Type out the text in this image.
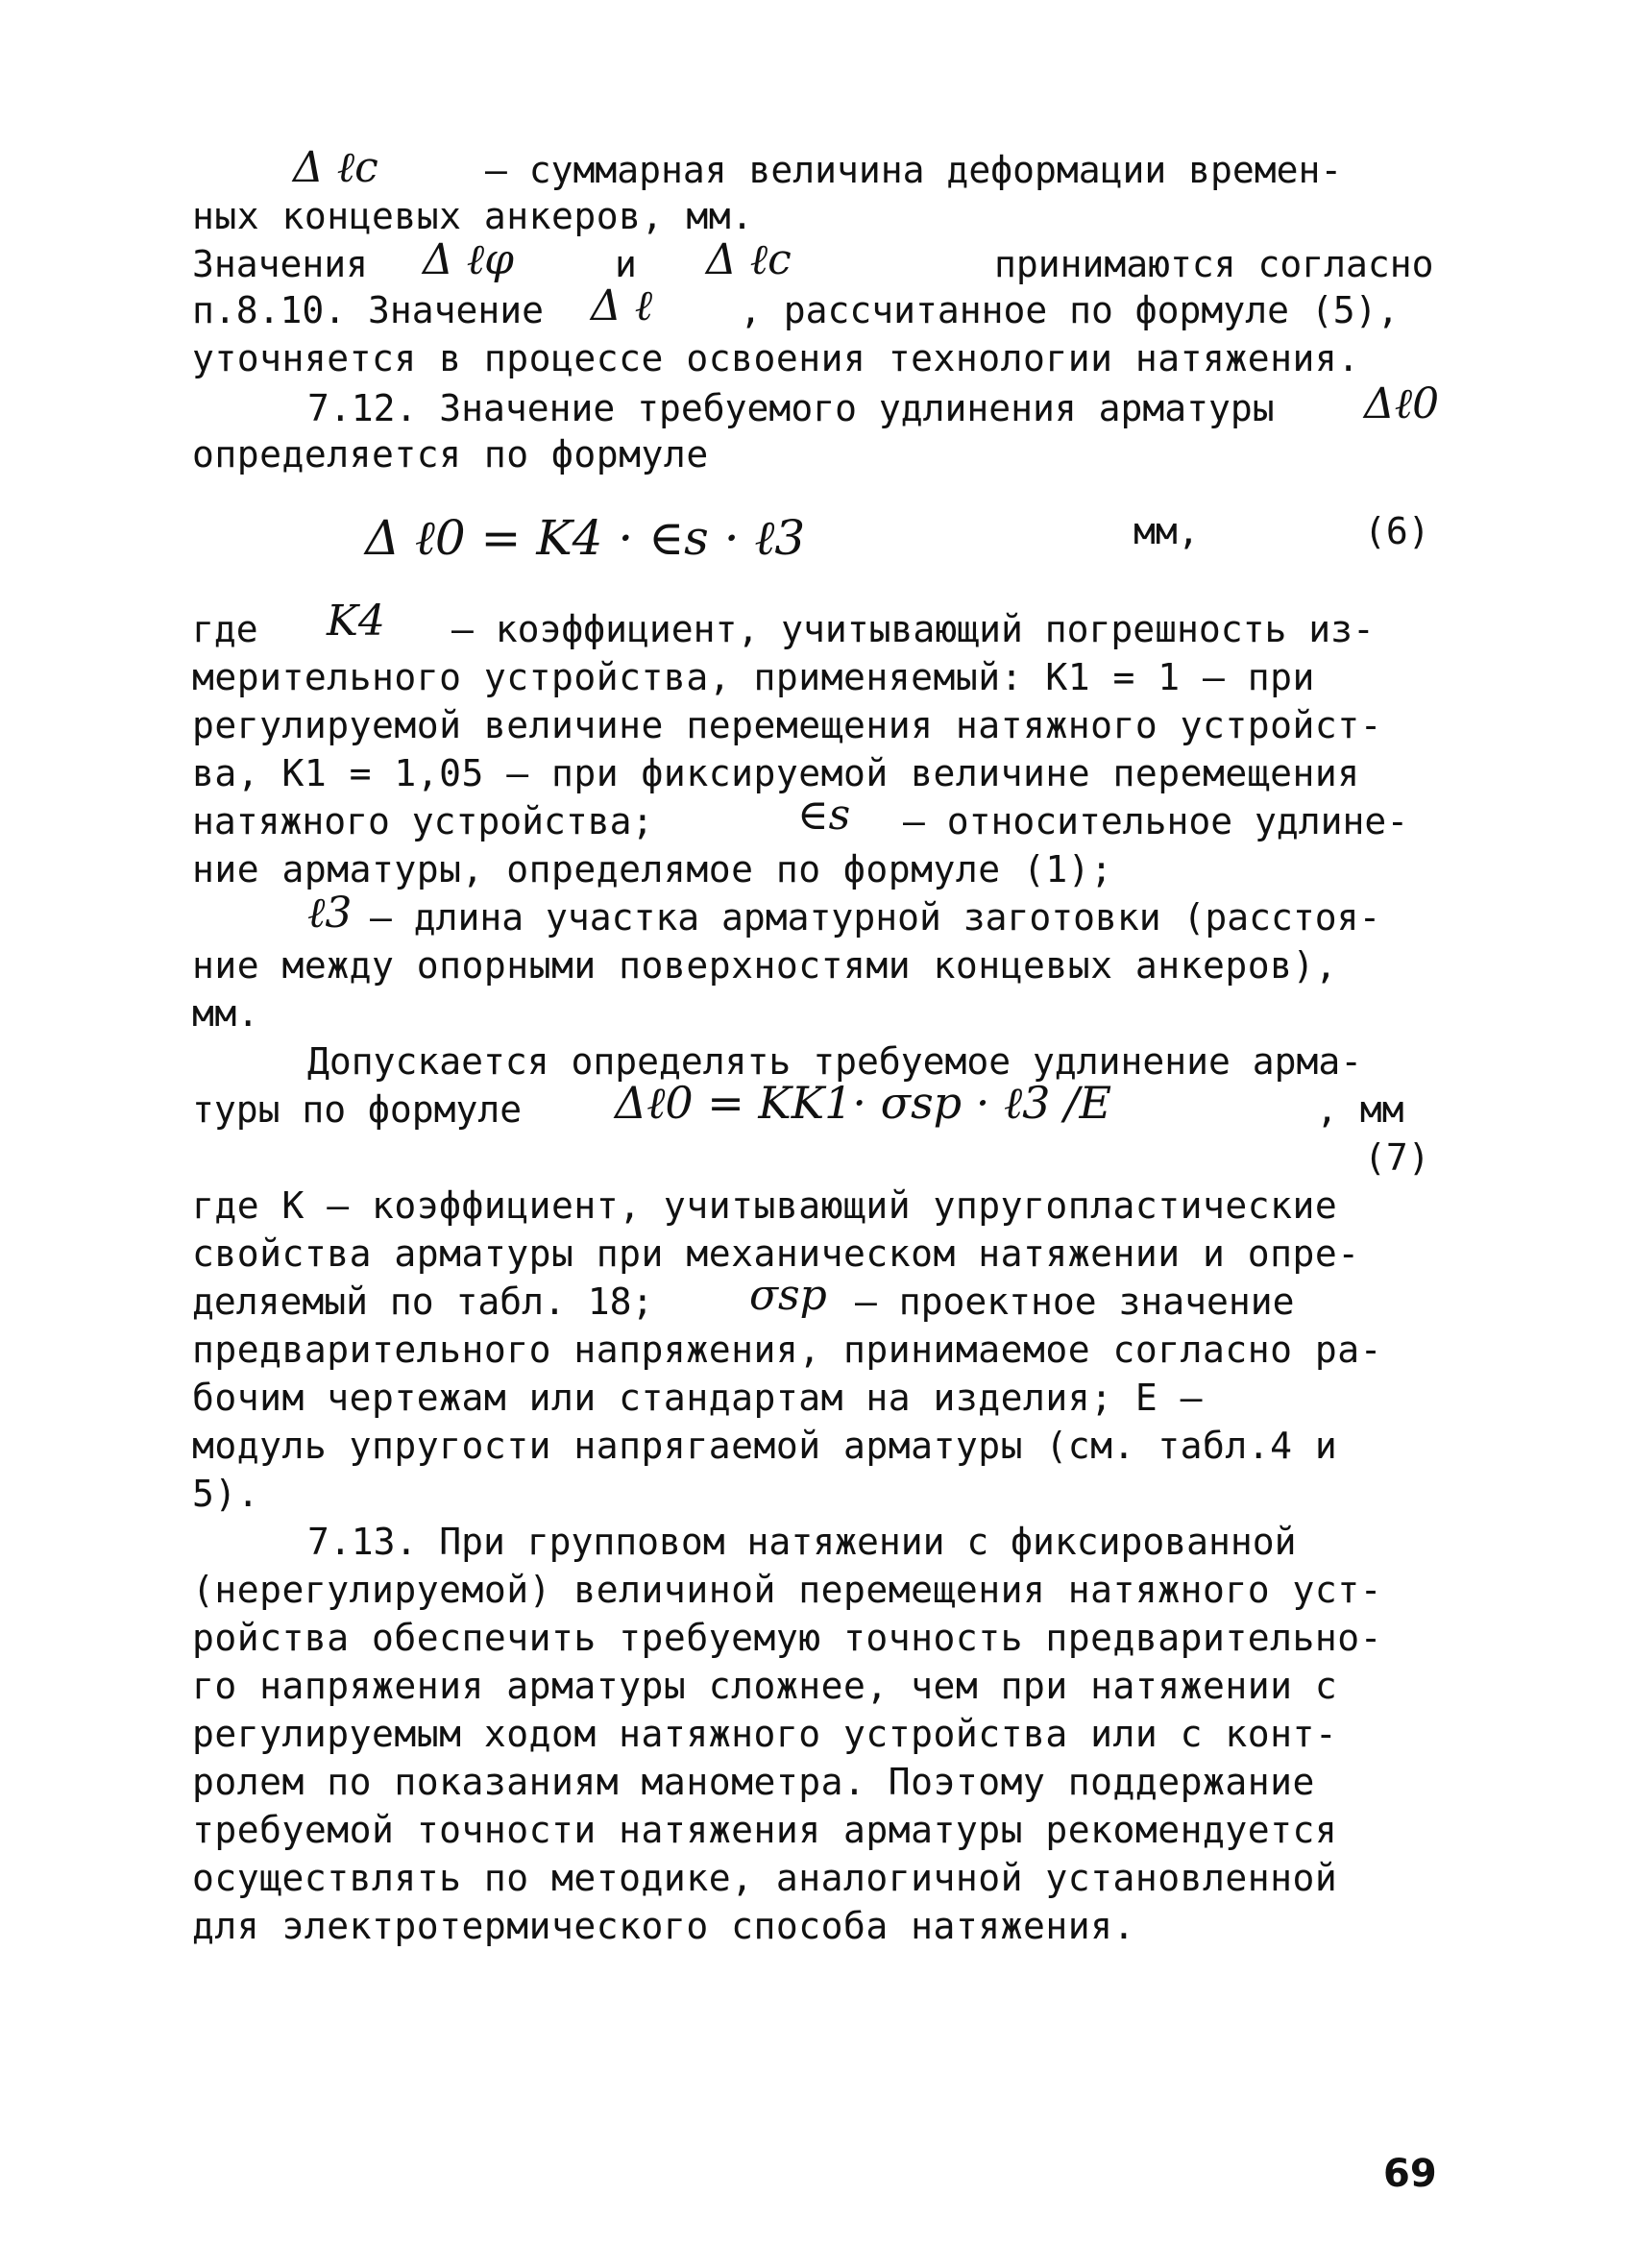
Δ ℓc	– суммарная величина деформации времен-
ных концевых анкеров, мм.
Значения Δ ℓφ	и Δ ℓc	принимаются согласно
п.8.10. Значение Δ ℓ , рассчитанное по формуле (5),
уточняется в процессе освоения технологии натяжения.
7.12. Значение требуемого удлинения арматуры Δℓ0
определяется по формуле
Δ ℓ0 = K4 · ∈s · ℓ3	мм,	(6)
где K4 – коэффициент, учитывающий погрешность из-
мерительного устройства, применяемый: K1 = 1 – при
регулируемой величине перемещения натяжного устройст-
ва, K1 = 1,05 – при фиксируемой величине перемещения
натяжного устройства;	∈s – относительное удлине-
ние арматуры, определямое по формуле (1);
ℓ3 – длина участка арматурной заготовки (расстоя-
ние между опорными поверхностями концевых анкеров),
мм.
Допускается определять требуемое удлинение арма-
туры по формуле Δℓ0 = KK1· σsp · ℓ3 /E	, мм
(7)
где К – коэффициент, учитывающий упругопластические
свойства арматуры при механическом натяжении и опре-
деляемый по табл. 18; σsp – проектное значение
предварительного напряжения, принимаемое согласно ра-
бочим чертежам или стандартам на изделия; Е –
модуль упругости напрягаемой арматуры (см. табл.4 и
5).
7.13. При групповом натяжении с фиксированной
(нерегулируемой) величиной перемещения натяжного уст-
ройства обеспечить требуемую точность предварительно-
го напряжения арматуры сложнее, чем при натяжении с
регулируемым ходом натяжного устройства или с конт-
ролем по показаниям манометра. Поэтому поддержание
требуемой точности натяжения арматуры рекомендуется
осуществлять по методике, аналогичной установленной
для электротермического способа натяжения.
69
